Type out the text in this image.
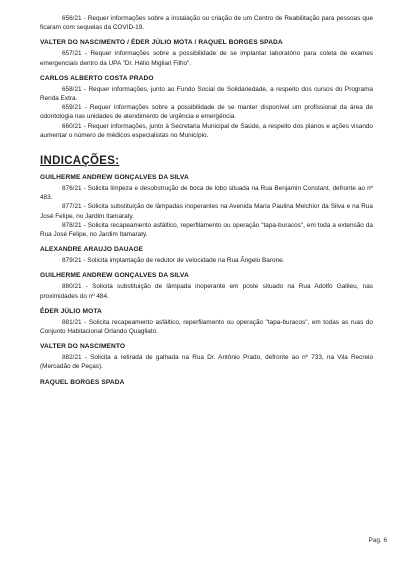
656/21 - Requer informações sobre a instalação ou criação de um Centro de Reabilitação para pessoas que ficaram com sequelas da COVID-19.

VALTER DO NASCIMENTO / ÉDER JÚLIO MOTA / RAQUEL BORGES SPADA

657/21 - Requer informações sobre a possibilidade de se implantar laboratório para coleta de exames emergenciais dentro da UPA "Dr. Hélio Migliari Filho".

CARLOS ALBERTO COSTA PRADO

658/21 - Requer informações, junto ao Fundo Social de Solidariedade, a respeito dos cursos do Programa Renda Extra.

659/21 - Requer informações sobre a possibilidade de se manter disponível um profissional da área de odontologia nas unidades de atendimento de urgência e emergência.

660/21 - Requer informações, junto à Secretaria Municipal de Saúde, a respeito dos planos e ações visando aumentar o número de médicos especialistas no Município.

INDICAÇÕES:

GUILHERME ANDREW GONÇALVES DA SILVA

876/21 - Solicita limpeza e desobstrução de boca de lobo situada na Rua Benjamin Constant, defronte ao nº 483.

877/21 - Solicita substituição de lâmpadas inoperantes na Avenida Maria Paulina Melchior da Silva e na Rua José Felipe, no Jardim Itamaraty.

878/21 - Solicita recapeamento asfáltico, reperfilamento ou operação "tapa-buracos", em toda a extensão da Rua José Felipe, no Jardim Itamaraty.

ALEXANDRE ARAUJO DAUAGE

879/21 - Solicita implantação de redutor de velocidade na Rua Ângelo Barone.

GUILHERME ANDREW GONÇALVES DA SILVA

880/21 - Solicita substituição de lâmpada inoperante em poste situado na Rua Adolfo Galileu, nas proximidades do nº 484.

ÉDER JÚLIO MOTA

881/21 - Solicita recapeamento asfáltico, reperfilamento ou operação "tapa-buracos", em todas as ruas do Conjunto Habitacional Orlando Quagliato.

VALTER DO NASCIMENTO

882/21 - Solicita a retirada de galhada na Rua Dr. Antônio Prado, defronte ao nº 733, na Vila Recreio (Mercadão de Peças).

RAQUEL BORGES SPADA

Pag. 6
